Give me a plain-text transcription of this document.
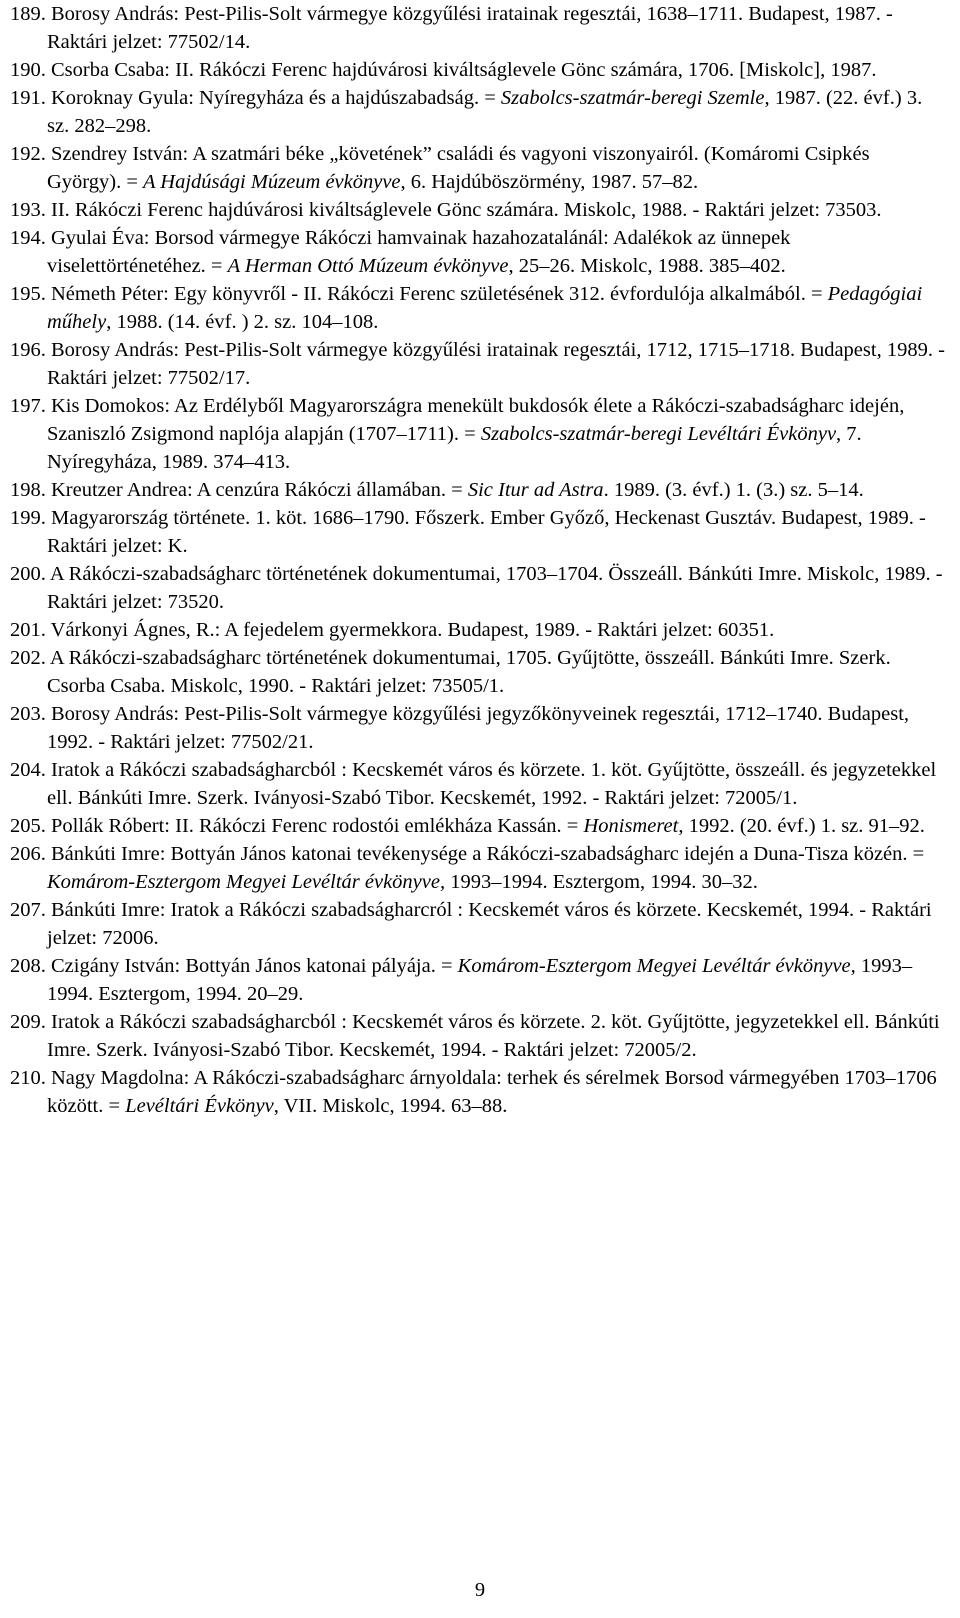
189. Borosy András: Pest-Pilis-Solt vármegye közgyűlési iratainak regesztái, 1638–1711. Budapest, 1987. - Raktári jelzet: 77502/14.
190. Csorba Csaba: II. Rákóczi Ferenc hajdúvárosi kiváltságlevele Gönc számára, 1706. [Miskolc], 1987.
191. Koroknay Gyula: Nyíregyháza és a hajdúszabadság. = Szabolcs-szatmár-beregi Szemle, 1987. (22. évf.) 3. sz. 282–298.
192. Szendrey István: A szatmári béke „követének” családi és vagyoni viszonyairól. (Komáromi Csipkés György). = A Hajdúsági Múzeum évkönyve, 6. Hajdúböszörmény, 1987. 57–82.
193. II. Rákóczi Ferenc hajdúvárosi kiváltságlevele Gönc számára. Miskolc, 1988. - Raktári jelzet: 73503.
194. Gyulai Éva: Borsod vármegye Rákóczi hamvainak hazahozatalánál: Adalékok az ünnepek viselettörténetéhez. = A Herman Ottó Múzeum évkönyve, 25–26. Miskolc, 1988. 385–402.
195. Németh Péter: Egy könyvről - II. Rákóczi Ferenc születésének 312. évfordulója alkalmából. = Pedagógiai műhely, 1988. (14. évf. ) 2. sz. 104–108.
196. Borosy András: Pest-Pilis-Solt vármegye közgyűlési iratainak regesztái, 1712, 1715–1718. Budapest, 1989. - Raktári jelzet: 77502/17.
197. Kis Domokos: Az Erdélyből Magyarországra menekült bukdosók élete a Rákóczi-szabadságharc idején, Szaniszló Zsigmond naplója alapján (1707–1711). = Szabolcs-szatmár-beregi Levéltári Évkönyv, 7. Nyíregyháza, 1989. 374–413.
198. Kreutzer Andrea: A cenzúra Rákóczi államában. = Sic Itur ad Astra. 1989. (3. évf.) 1. (3.) sz. 5–14.
199. Magyarország története. 1. köt. 1686–1790. Főszerk. Ember Győző, Heckenast Gusztáv. Budapest, 1989. - Raktári jelzet: K.
200. A Rákóczi-szabadságharc történetének dokumentumai, 1703–1704. Összeáll. Bánkúti Imre. Miskolc, 1989. - Raktári jelzet: 73520.
201. Várkonyi Ágnes, R.: A fejedelem gyermekkora. Budapest, 1989. - Raktári jelzet: 60351.
202. A Rákóczi-szabadságharc történetének dokumentumai, 1705. Gyűjtötte, összeáll. Bánkúti Imre. Szerk. Csorba Csaba. Miskolc, 1990. - Raktári jelzet: 73505/1.
203. Borosy András: Pest-Pilis-Solt vármegye közgyűlési jegyzőkönyveinek regesztái, 1712–1740. Budapest, 1992. - Raktári jelzet: 77502/21.
204. Iratok a Rákóczi szabadságharcból : Kecskemét város és körzete. 1. köt. Gyűjtötte, összeáll. és jegyzetekkel ell. Bánkúti Imre. Szerk. Iványosi-Szabó Tibor. Kecskemét, 1992. - Raktári jelzet: 72005/1.
205. Pollák Róbert: II. Rákóczi Ferenc rodostói emlékháza Kassán. = Honismeret, 1992. (20. évf.) 1. sz. 91–92.
206. Bánkúti Imre: Bottyán János katonai tevékenysége a Rákóczi-szabadságharc idején a Duna-Tisza közén. = Komárom-Esztergom Megyei Levéltár évkönyve, 1993–1994. Esztergom, 1994. 30–32.
207. Bánkúti Imre: Iratok a Rákóczi szabadságharcról : Kecskemét város és körzete. Kecskemét, 1994. - Raktári jelzet: 72006.
208. Czigány István: Bottyán János katonai pályája. = Komárom-Esztergom Megyei Levéltár évkönyve, 1993–1994. Esztergom, 1994. 20–29.
209. Iratok a Rákóczi szabadságharcból : Kecskemét város és körzete. 2. köt. Gyűjtötte, jegyzetekkel ell. Bánkúti Imre. Szerk. Iványosi-Szabó Tibor. Kecskemét, 1994. - Raktári jelzet: 72005/2.
210. Nagy Magdolna: A Rákóczi-szabadságharc árnyoldala: terhek és sérelmek Borsod vármegyében 1703–1706 között. = Levéltári Évkönyv, VII. Miskolc, 1994. 63–88.
9
